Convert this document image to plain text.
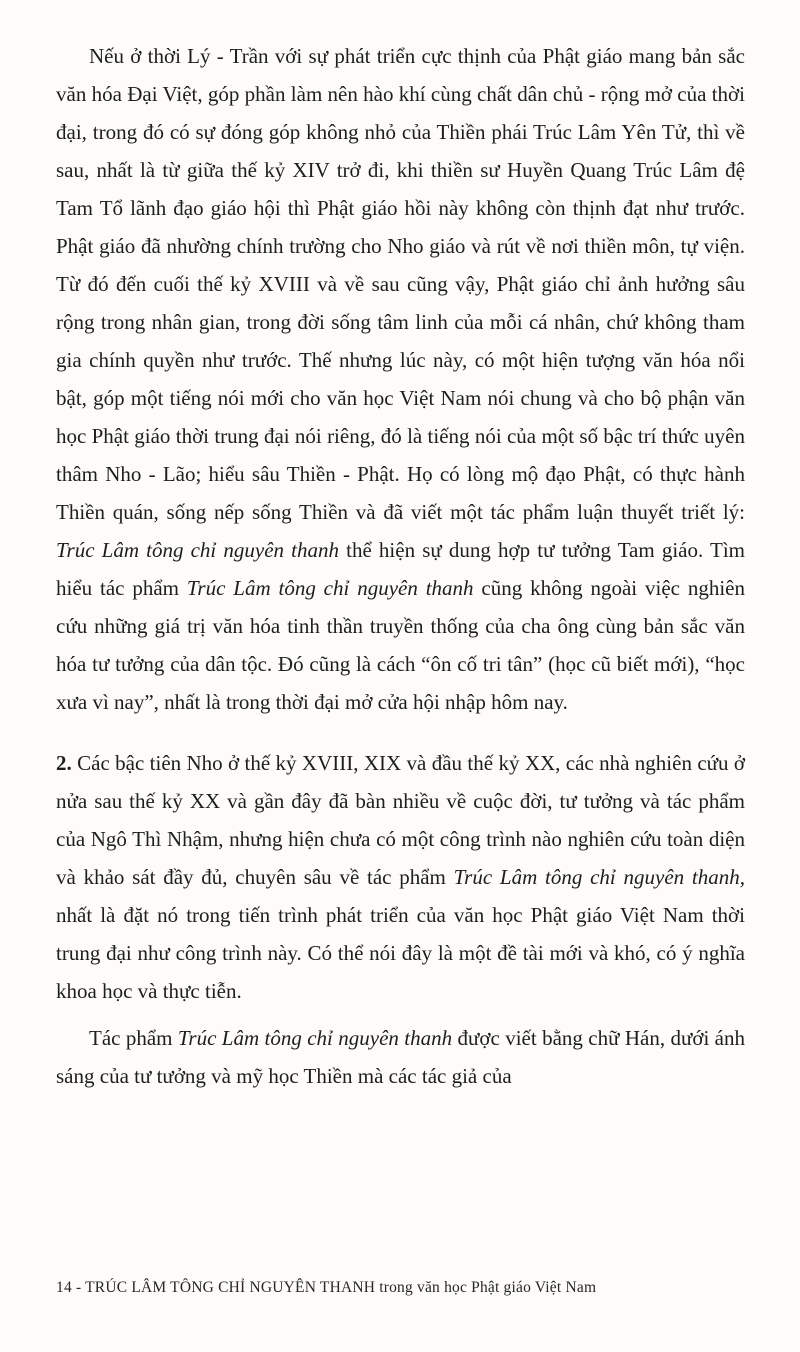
Nếu ở thời Lý - Trần với sự phát triển cực thịnh của Phật giáo mang bản sắc văn hóa Đại Việt, góp phần làm nên hào khí cùng chất dân chủ - rộng mở của thời đại, trong đó có sự đóng góp không nhỏ của Thiền phái Trúc Lâm Yên Tử, thì về sau, nhất là từ giữa thế kỷ XIV trở đi, khi thiền sư Huyền Quang Trúc Lâm đệ Tam Tổ lãnh đạo giáo hội thì Phật giáo hồi này không còn thịnh đạt như trước. Phật giáo đã nhường chính trường cho Nho giáo và rút về nơi thiền môn, tự viện. Từ đó đến cuối thế kỷ XVIII và về sau cũng vậy, Phật giáo chỉ ảnh hưởng sâu rộng trong nhân gian, trong đời sống tâm linh của mỗi cá nhân, chứ không tham gia chính quyền như trước. Thế nhưng lúc này, có một hiện tượng văn hóa nổi bật, góp một tiếng nói mới cho văn học Việt Nam nói chung và cho bộ phận văn học Phật giáo thời trung đại nói riêng, đó là tiếng nói của một số bậc trí thức uyên thâm Nho - Lão; hiểu sâu Thiền - Phật. Họ có lòng mộ đạo Phật, có thực hành Thiền quán, sống nếp sống Thiền và đã viết một tác phẩm luận thuyết triết lý: Trúc Lâm tông chỉ nguyên thanh thể hiện sự dung hợp tư tưởng Tam giáo. Tìm hiểu tác phẩm Trúc Lâm tông chỉ nguyên thanh cũng không ngoài việc nghiên cứu những giá trị văn hóa tinh thần truyền thống của cha ông cùng bản sắc văn hóa tư tưởng của dân tộc. Đó cũng là cách “ôn cố tri tân” (học cũ biết mới), “học xưa vì nay”, nhất là trong thời đại mở cửa hội nhập hôm nay.

2. Các bậc tiên Nho ở thế kỷ XVIII, XIX và đầu thế kỷ XX, các nhà nghiên cứu ở nửa sau thế kỷ XX và gần đây đã bàn nhiều về cuộc đời, tư tưởng và tác phẩm của Ngô Thì Nhậm, nhưng hiện chưa có một công trình nào nghiên cứu toàn diện và khảo sát đầy đủ, chuyên sâu về tác phẩm Trúc Lâm tông chỉ nguyên thanh, nhất là đặt nó trong tiến trình phát triển của văn học Phật giáo Việt Nam thời trung đại như công trình này. Có thể nói đây là một đề tài mới và khó, có ý nghĩa khoa học và thực tiễn.

Tác phẩm Trúc Lâm tông chỉ nguyên thanh được viết bằng chữ Hán, dưới ánh sáng của tư tưởng và mỹ học Thiền mà các tác giả của

14 - TRÚC LÂM TÔNG CHỈ NGUYÊN THANH trong văn học Phật giáo Việt Nam
